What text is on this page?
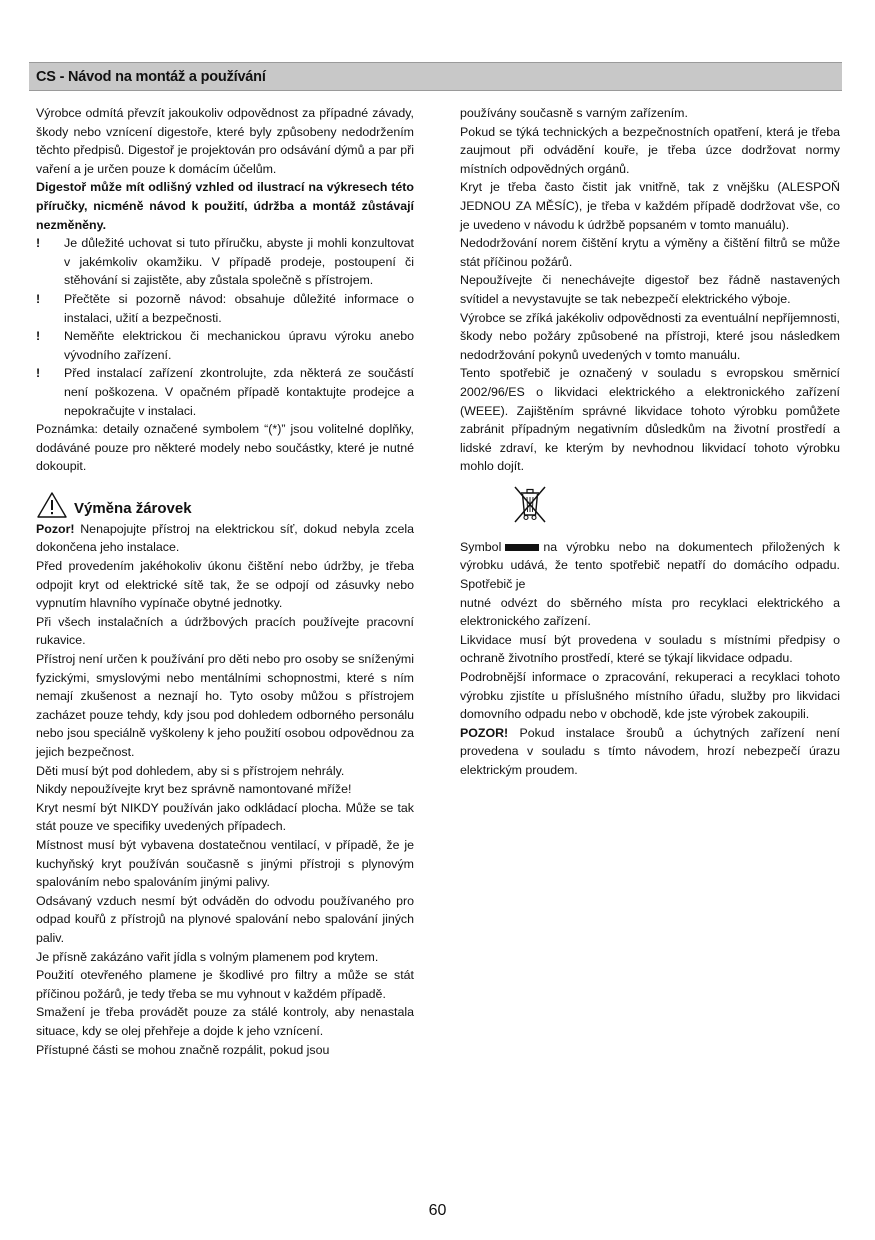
CS - Návod na montáž a používání

Výrobce odmítá převzít jakoukoliv odpovědnost za případné závady, škody nebo vznícení digestoře, které byly způsobeny nedodržením těchto předpisů. Digestoř je projektován pro odsávání dýmů a par při vaření a je určen pouze k domácím účelům.

Digestoř může mít odlišný vzhled od ilustrací na výkresech této příručky, nicméně návod k použití, údržba a montáž zůstávají nezměněny.

!	Je důležité uchovat si tuto příručku, abyste ji mohli konzultovat v jakémkoliv okamžiku. V případě prodeje, postoupení či stěhování si zajistěte, aby zůstala společně s přístrojem.
!	Přečtěte si pozorně návod: obsahuje důležité informace o instalaci, užití a bezpečnosti.
!	Neměňte elektrickou či mechanickou úpravu výroku anebo vývodního zařízení.
!	Před instalací zařízení zkontrolujte, zda některá ze součástí není poškozena. V opačném případě kontaktujte prodejce a nepokračujte v instalaci.

Poznámka: detaily označené symbolem “(*)” jsou volitelné doplňky, dodáváné pouze pro některé modely nebo součástky, které je nutné dokoupit.

Výměna žárovek

Pozor! Nenapojujte přístroj na elektrickou síť, dokud nebyla zcela dokončena jeho instalace.

Před provedením jakéhokoliv úkonu čištění nebo údržby, je třeba odpojit kryt od elektrické sítě tak, že se odpojí od zásuvky nebo vypnutím hlavního vypínače obytné jednotky.

Při všech instalačních a údržbových pracích používejte pracovní rukavice.

Přístroj není určen k používání pro děti nebo pro osoby se sníženými fyzickými, smyslovými nebo mentálními schopnostmi, které s ním nemají zkušenost a neznají ho. Tyto osoby můžou s přístrojem zacházet pouze tehdy, kdy jsou pod dohledem odborného personálu nebo jsou speciálně vyškoleny k jeho použití osobou odpovědnou za jejich bezpečnost.

Děti musí být pod dohledem, aby si s přístrojem nehrály.

Nikdy nepoužívejte kryt bez správně namontované mříže!

Kryt nesmí být NIKDY používán jako odkládací plocha. Může se tak stát pouze ve specifiky uvedených případech.

Místnost musí být vybavena dostatečnou ventilací, v případě, že je kuchyňský kryt používán současně s jinými přístroji s plynovým spalováním nebo spalováním jinými palivy.

Odsávaný vzduch nesmí být odváděn do odvodu používaného pro odpad kouřů z přístrojů na plynové spalování nebo spalování jiných paliv.

Je přísně zakázáno vařit jídla s volným plamenem pod krytem.

Použití otevřeného plamene je škodlivé pro filtry a může se stát příčinou požárů, je tedy třeba se mu vyhnout v každém případě.

Smažení je třeba provádět pouze za stálé kontroly, aby nenastala situace, kdy se olej přehřeje a dojde k jeho vznícení.

Přístupné části se mohou značně rozpálit, pokud jsou

používány současně s varným zařízením.

Pokud se týká technických a bezpečnostních opatření, která je třeba zaujmout při odvádění kouře, je třeba úzce dodržovat normy místních odpovědných orgánů.

Kryt je třeba často čistit jak vnitřně, tak z vnějšku (ALESPOŇ JEDNOU ZA MĚSÍC), je třeba v každém případě dodržovat vše, co je uvedeno v návodu k údržbě popsaném v tomto manuálu).

Nedodržování norem čištění krytu a výměny a čištění filtrů se může stát příčinou požárů.

Nepoužívejte či nenechávejte digestoř bez řádně nastavených svítidel a nevystavujte se tak nebezpečí elektrického výboje.

Výrobce se zříká jakékoliv odpovědnosti za eventuální nepříjemnosti, škody nebo požáry způsobené na přístroji, které jsou následkem nedodržování pokynů uvedených v tomto manuálu.

Tento spotřebič je označený v souladu s evropskou směrnicí 2002/96/ES o likvidaci elektrického a elektronického zařízení (WEEE). Zajištěním správné likvidace tohoto výrobku pomůžete zabránit případným negativním důsledkům na životní prostředí a lidské zdraví, ke kterým by nevhodnou likvidací tohoto výrobku mohlo dojít.

Symbol	na výrobku nebo na dokumentech přiložených k výrobku udává, že tento spotřebič nepatří do domácího odpadu. Spotřebič je

nutné odvézt do sběrného místa pro recyklaci elektrického a elektronického zařízení.

Likvidace musí být provedena v souladu s místními předpisy o ochraně životního prostředí, které se týkají likvidace odpadu.

Podrobnější informace o zpracování, rekuperaci a recyklaci tohoto výrobku zjistíte u příslušného místního úřadu, služby pro likvidaci domovního odpadu nebo v obchodě, kde jste výrobek zakoupili.

POZOR! Pokud instalace šroubů a úchytných zařízení není provedena v souladu s tímto návodem, hrozí nebezpečí úrazu elektrickým proudem.

60
